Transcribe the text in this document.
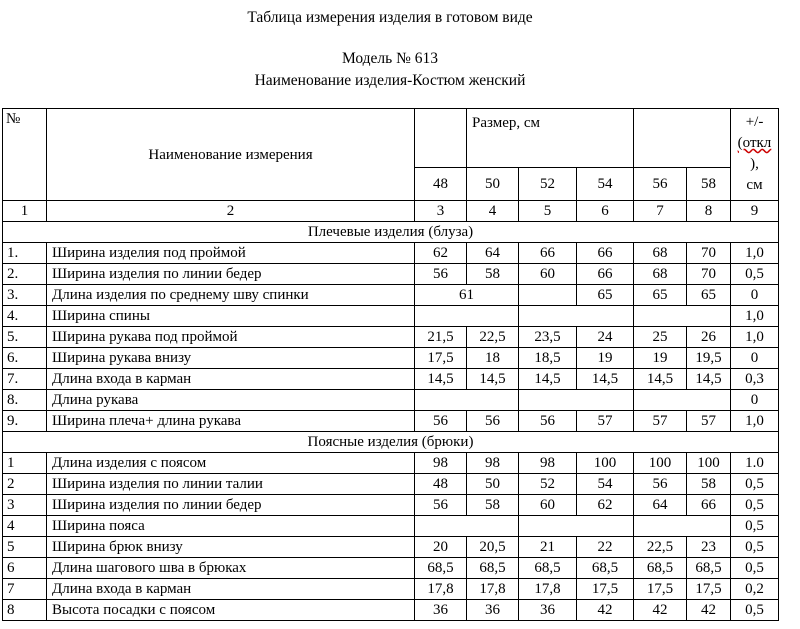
Таблица измерения изделия в готовом виде
Модель № 613
Наименование изделия-Костюм женский
№	Наименование измерения		Размер, см					+/-
(откл
),
см
		48	50	52	54	56	58	
1	2	3	4	5	6	7	8	9
Плечевые изделия (блуза)								
1.	Ширина изделия под проймой	62	64	66	66	68	70	1,0
2.	Ширина изделия по линии бедер	56	58	60	66	68	70	0,5
3.	Длина изделия по среднему шву спинки	61			65	65	65	0
4.	Ширина спины							1,0
5.	Ширина рукава под проймой	21,5	22,5	23,5	24	25	26	1,0
6.	Ширина рукава внизу	17,5	18	18,5	19	19	19,5	0
7.	Длина входа в карман	14,5	14,5	14,5	14,5	14,5	14,5	0,3
8.	Длина рукава							0
9.	Ширина плеча+ длина рукава	56	56	56	57	57	57	1,0
Поясные изделия (брюки)								
1	Длина изделия с поясом	98	98	98	100	100	100	1.0
2	Ширина изделия по линии талии	48	50	52	54	56	58	0,5
3	Ширина изделия по линии бедер	56	58	60	62	64	66	0,5
4	Ширина пояса							0,5
5	Ширина брюк внизу	20	20,5	21	22	22,5	23	0,5
6	Длина шагового шва в брюках	68,5	68,5	68,5	68,5	68,5	68,5	0,5
7	Длина входа в карман	17,8	17,8	17,8	17,5	17,5	17,5	0,2
8	Высота посадки с поясом	36	36	36	42	42	42	0,5
